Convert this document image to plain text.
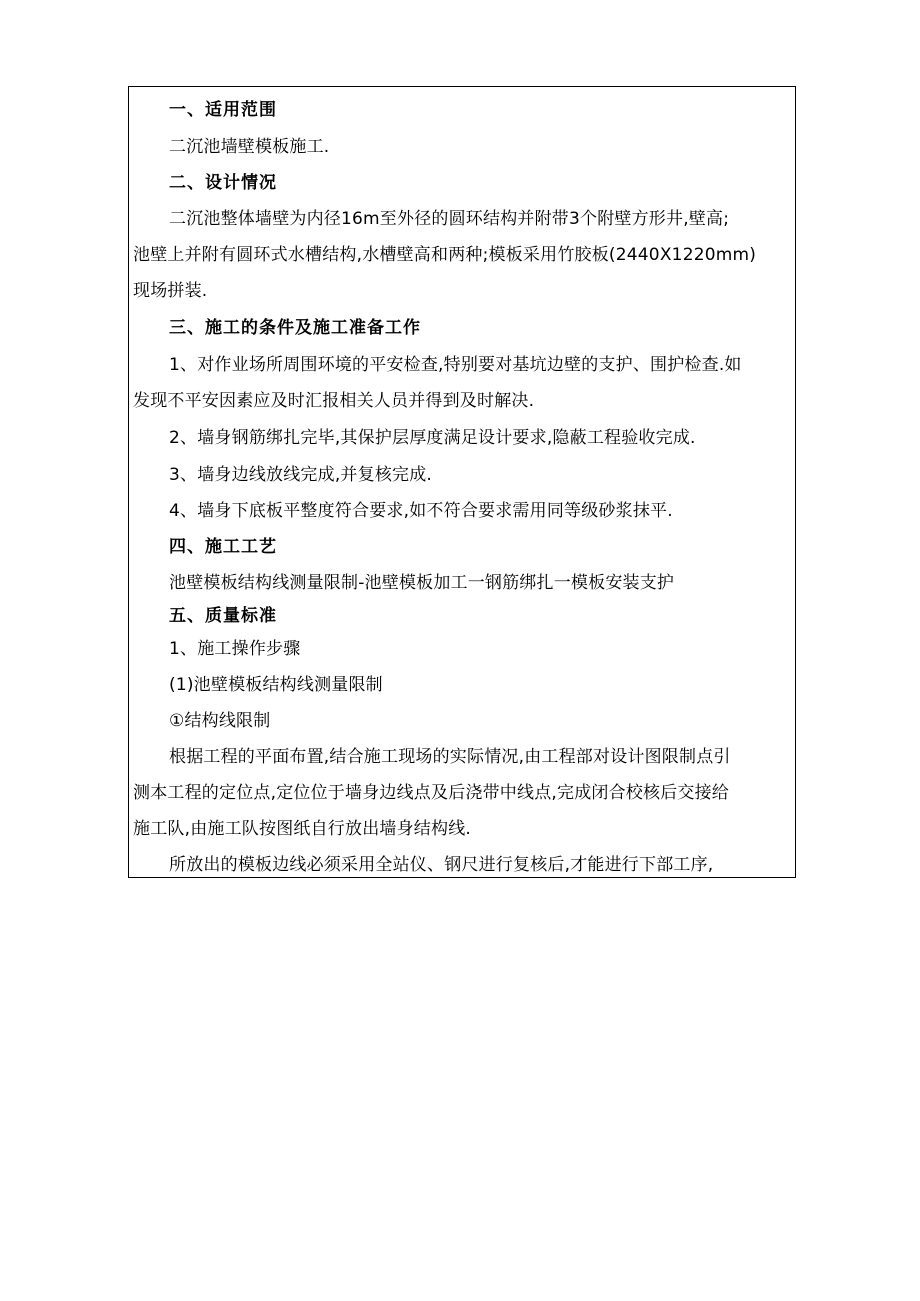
一、适用范围
二沉池墙壁模板施工.
二、设计情况
二沉池整体墙壁为内径16m至外径的圆环结构并附带3个附壁方形井,壁高;
池壁上并附有圆环式水槽结构,水槽壁高和两种;模板采用竹胶板(2440X1220mm)
现场拼装.
三、施工的条件及施工准备工作
1、对作业场所周围环境的平安检查,特别要对基坑边壁的支护、围护检查.如
发现不平安因素应及时汇报相关人员并得到及时解决.
2、墙身钢筋绑扎完毕,其保护层厚度满足设计要求,隐蔽工程验收完成.
3、墙身边线放线完成,并复核完成.
4、墙身下底板平整度符合要求,如不符合要求需用同等级砂浆抹平.
四、施工工艺
池壁模板结构线测量限制-池壁模板加工一钢筋绑扎一模板安装支护
五、质量标准
1、施工操作步骤
(1)池壁模板结构线测量限制
①结构线限制
根据工程的平面布置,结合施工现场的实际情况,由工程部对设计图限制点引
测本工程的定位点,定位位于墙身边线点及后浇带中线点,完成闭合校核后交接给
施工队,由施工队按图纸自行放出墙身结构线.
所放出的模板边线必须采用全站仪、钢尺进行复核后,才能进行下部工序,
